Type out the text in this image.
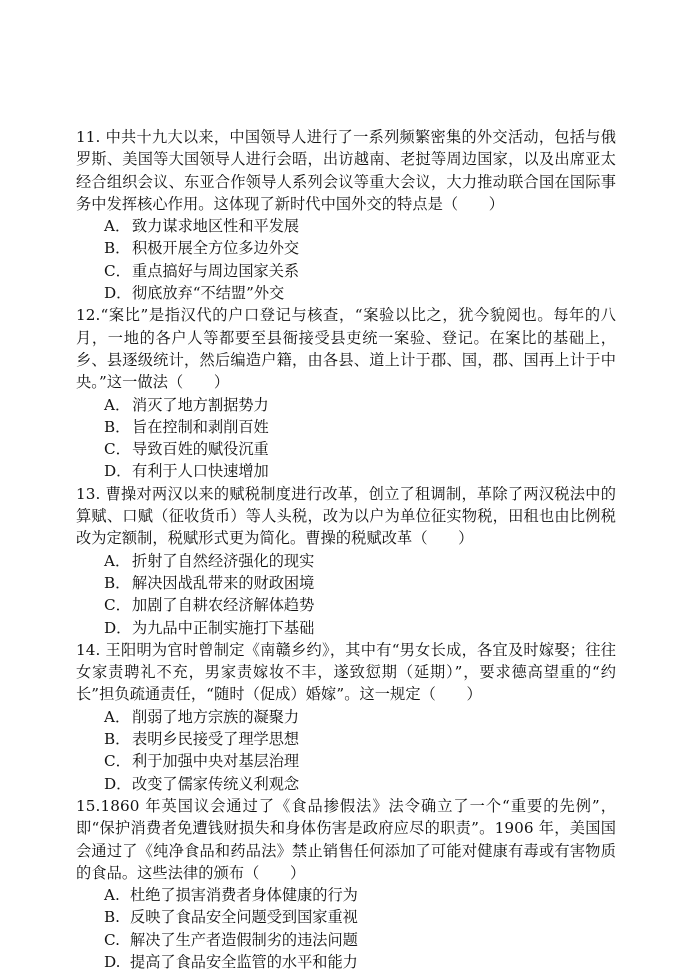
11. 中共十九大以来，中国领导人进行了一系列频繁密集的外交活动，包括与俄罗斯、美国等大国领导人进行会晤，出访越南、老挝等周边国家，以及出席亚太经合组织会议、东亚合作领导人系列会议等重大会议，大力推动联合国在国际事务中发挥核心作用。这体现了新时代中国外交的特点是（　　）

A． 致力谋求地区性和平发展
B． 积极开展全方位多边外交
C．重点搞好与周边国家关系
D．彻底放弃“不结盟”外交

12.“案比”是指汉代的户口登记与核查，“案验以比之，犹今貌阅也。每年的八月，一地的各户人等都要至县衙接受县吏统一案验、登记。在案比的基础上，乡、县逐级统计，然后编造户籍，由各县、道上计于郡、国，郡、国再上计于中央。”这一做法（　　）

A． 消灭了地方割据势力
B． 旨在控制和剥削百姓
C．导致百姓的赋役沉重
D．有利于人口快速增加

13. 曹操对两汉以来的赋税制度进行改革，创立了租调制，革除了两汉税法中的算赋、口赋（征收货币）等人头税，改为以户为单位征实物税，田租也由比例税改为定额制，税赋形式更为简化。曹操的税赋改革（　　）

A． 折射了自然经济强化的现实
B． 解决因战乱带来的财政困境
C．加剧了自耕农经济解体趋势
D．为九品中正制实施打下基础

14. 王阳明为官时曾制定《南赣乡约》，其中有“男女长成，各宜及时嫁娶；往往女家责聘礼不充，男家责嫁妆不丰，遂致愆期（延期）”，要求德高望重的“约长”担负疏通责任，“随时（促成）婚嫁”。这一规定（　　）

A． 削弱了地方宗族的凝聚力
B． 表明乡民接受了理学思想
C．利于加强中央对基层治理
D．改变了儒家传统义利观念

15.1860 年英国议会通过了《食品掺假法》法令确立了一个“重要的先例”，即“保护消费者免遭钱财损失和身体伤害是政府应尽的职责”。1906 年，美国国会通过了《纯净食品和药品法》禁止销售任何添加了可能对健康有毒或有害物质的食品。这些法律的颁布（　　）

A. 杜绝了损害消费者身体健康的行为
B. 反映了食品安全问题受到国家重视
C. 解决了生产者造假制劣的违法问题
D. 提高了食品安全监管的水平和能力
